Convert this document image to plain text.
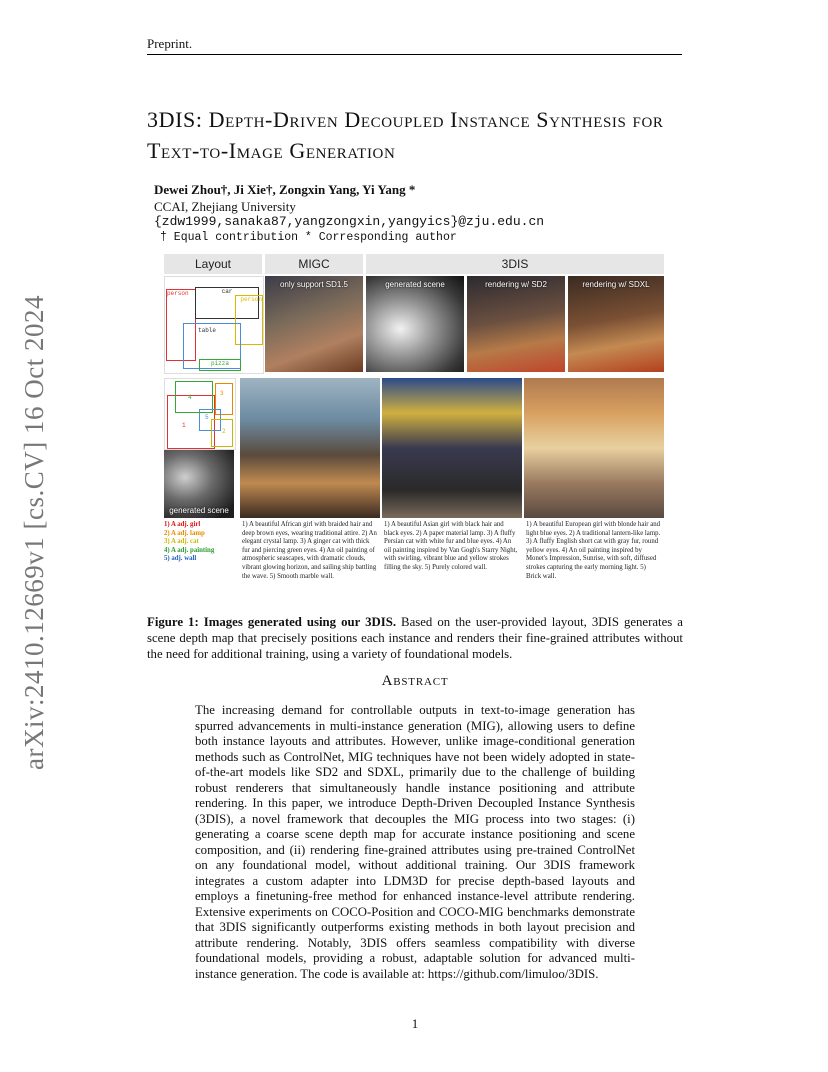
Preprint.
arXiv:2410.12669v1 [cs.CV] 16 Oct 2024
3DIS: Depth-Driven Decoupled Instance Synthesis for Text-to-Image Generation
Dewei Zhou†, Ji Xie†, Zongxin Yang, Yi Yang *
CCAI, Zhejiang University
{zdw1999,sanaka87,yangzongxin,yangyics}@zju.edu.cn
† Equal contribution * Corresponding author
Layout	MIGC	3DIS
person	car
person
table
pizza
only support SD1.5	generated scene	rendering w/ SD2	rendering w/ SDXL
1
4
3
5
2
generated scene
1) A adj. girl
2) A adj. lamp
3) A adj. cat
4) A adj. painting
5) adj. wall
1) A beautiful African girl with braided hair and deep brown eyes, wearing traditional attire. 2) An elegant crystal lamp. 3) A ginger cat with thick fur and piercing green eyes. 4) An oil painting of atmospheric seascapes, with dramatic clouds, vibrant glowing horizon, and sailing ship battling the wave. 5) Smooth marble wall.
1) A beautiful Asian girl with black hair and black eyes. 2) A paper material lamp. 3) A fluffy Persian cat with white fur and blue eyes. 4) An oil painting inspired by Van Gogh's Starry Night, with swirling, vibrant blue and yellow strokes filling the sky. 5) Purely colored wall.
1) A beautiful European girl with blonde hair and light blue eyes. 2) A traditional lantern-like lamp. 3) A fluffy English short cat with gray fur, round yellow eyes. 4) An oil painting inspired by Monet's Impression, Sunrise, with soft, diffused strokes capturing the early morning light. 5) Brick wall.
Figure 1: Images generated using our 3DIS. Based on the user-provided layout, 3DIS generates a scene depth map that precisely positions each instance and renders their fine-grained attributes without the need for additional training, using a variety of foundational models.
Abstract
The increasing demand for controllable outputs in text-to-image generation has spurred advancements in multi-instance generation (MIG), allowing users to define both instance layouts and attributes. However, unlike image-conditional generation methods such as ControlNet, MIG techniques have not been widely adopted in state-of-the-art models like SD2 and SDXL, primarily due to the challenge of building robust renderers that simultaneously handle instance positioning and attribute rendering. In this paper, we introduce Depth-Driven Decoupled Instance Synthesis (3DIS), a novel framework that decouples the MIG process into two stages: (i) generating a coarse scene depth map for accurate instance positioning and scene composition, and (ii) rendering fine-grained attributes using pre-trained ControlNet on any foundational model, without additional training. Our 3DIS framework integrates a custom adapter into LDM3D for precise depth-based layouts and employs a finetuning-free method for enhanced instance-level attribute rendering. Extensive experiments on COCO-Position and COCO-MIG benchmarks demonstrate that 3DIS significantly outperforms existing methods in both layout precision and attribute rendering. Notably, 3DIS offers seamless compatibility with diverse foundational models, providing a robust, adaptable solution for advanced multi-instance generation. The code is available at: https://github.com/limuloo/3DIS.
1
